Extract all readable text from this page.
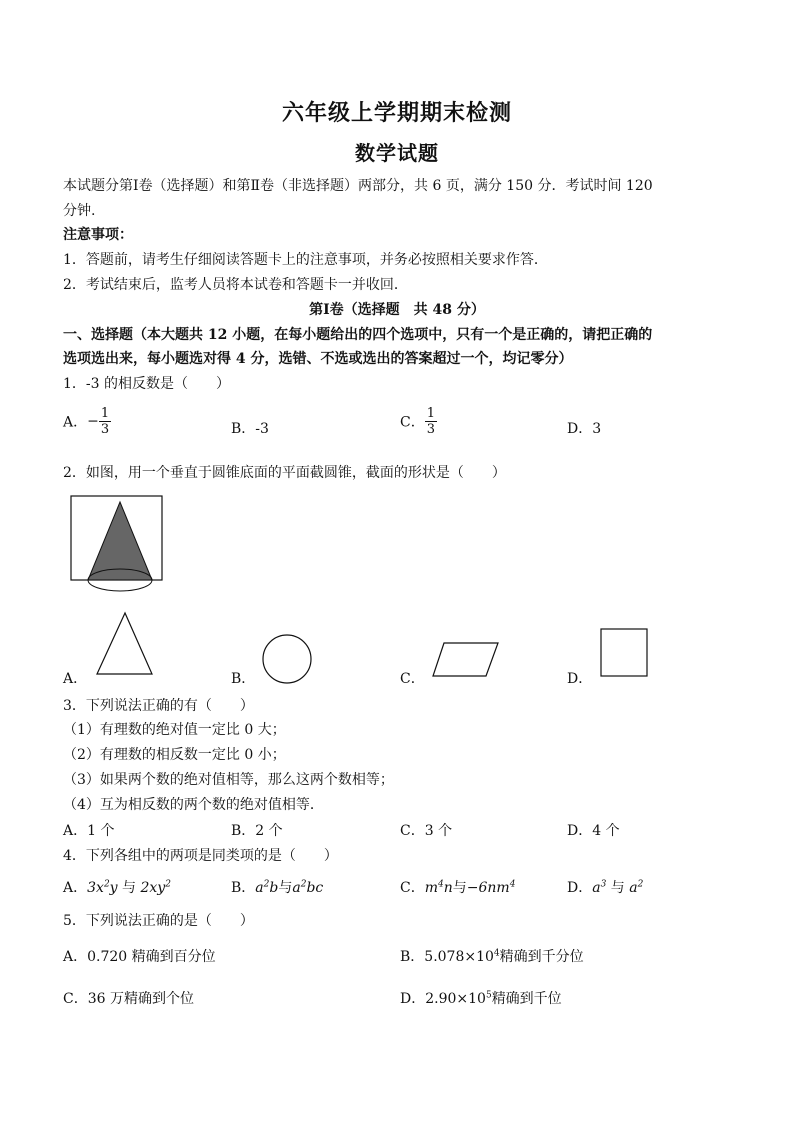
六年级上学期期末检测
数学试题
本试题分第Ⅰ卷（选择题）和第Ⅱ卷（非选择题）两部分，共 6 页，满分 150 分．考试时间 120
分钟.
注意事项：
1．答题前，请考生仔细阅读答题卡上的注意事项，并务必按照相关要求作答．
2．考试结束后，监考人员将本试卷和答题卡一并收回．
第Ⅰ卷（选择题　共 48 分）
一、选择题（本大题共 12 小题，在每小题给出的四个选项中，只有一个是正确的，请把正确的
选项选出来，每小题选对得 4 分，选错、不选或选出的答案超过一个，均记零分）
1．-3 的相反数是（　　）
A．− $\frac{1}{3}$	B．-3	C． $\frac{1}{3}$	D．3
2．如图，用一个垂直于圆锥底面的平面截圆锥，截面的形状是（　　）
A．	B．	C．	D．
3．下列说法正确的有（　　）
（1）有理数的绝对值一定比 0 大；
（2）有理数的相反数一定比 0 小；
（3）如果两个数的绝对值相等，那么这两个数相等；
（4）互为相反数的两个数的绝对值相等．
A．1 个	B．2 个	C．3 个	D．4 个
4．下列各组中的两项是同类项的是（　　）
A．$3x^2y$ 与 $2xy^2$	B．$a^2b$与$a^2bc$	C．$m^4n$与$-6nm^4$	D．$a^3$ 与 $a^2$
5．下列说法正确的是（　　）
A．0.720 精确到百分位	B．$5.078\times 10^4$精确到千分位
C．36 万精确到个位	D．$2.90\times 10^5$精确到千位
